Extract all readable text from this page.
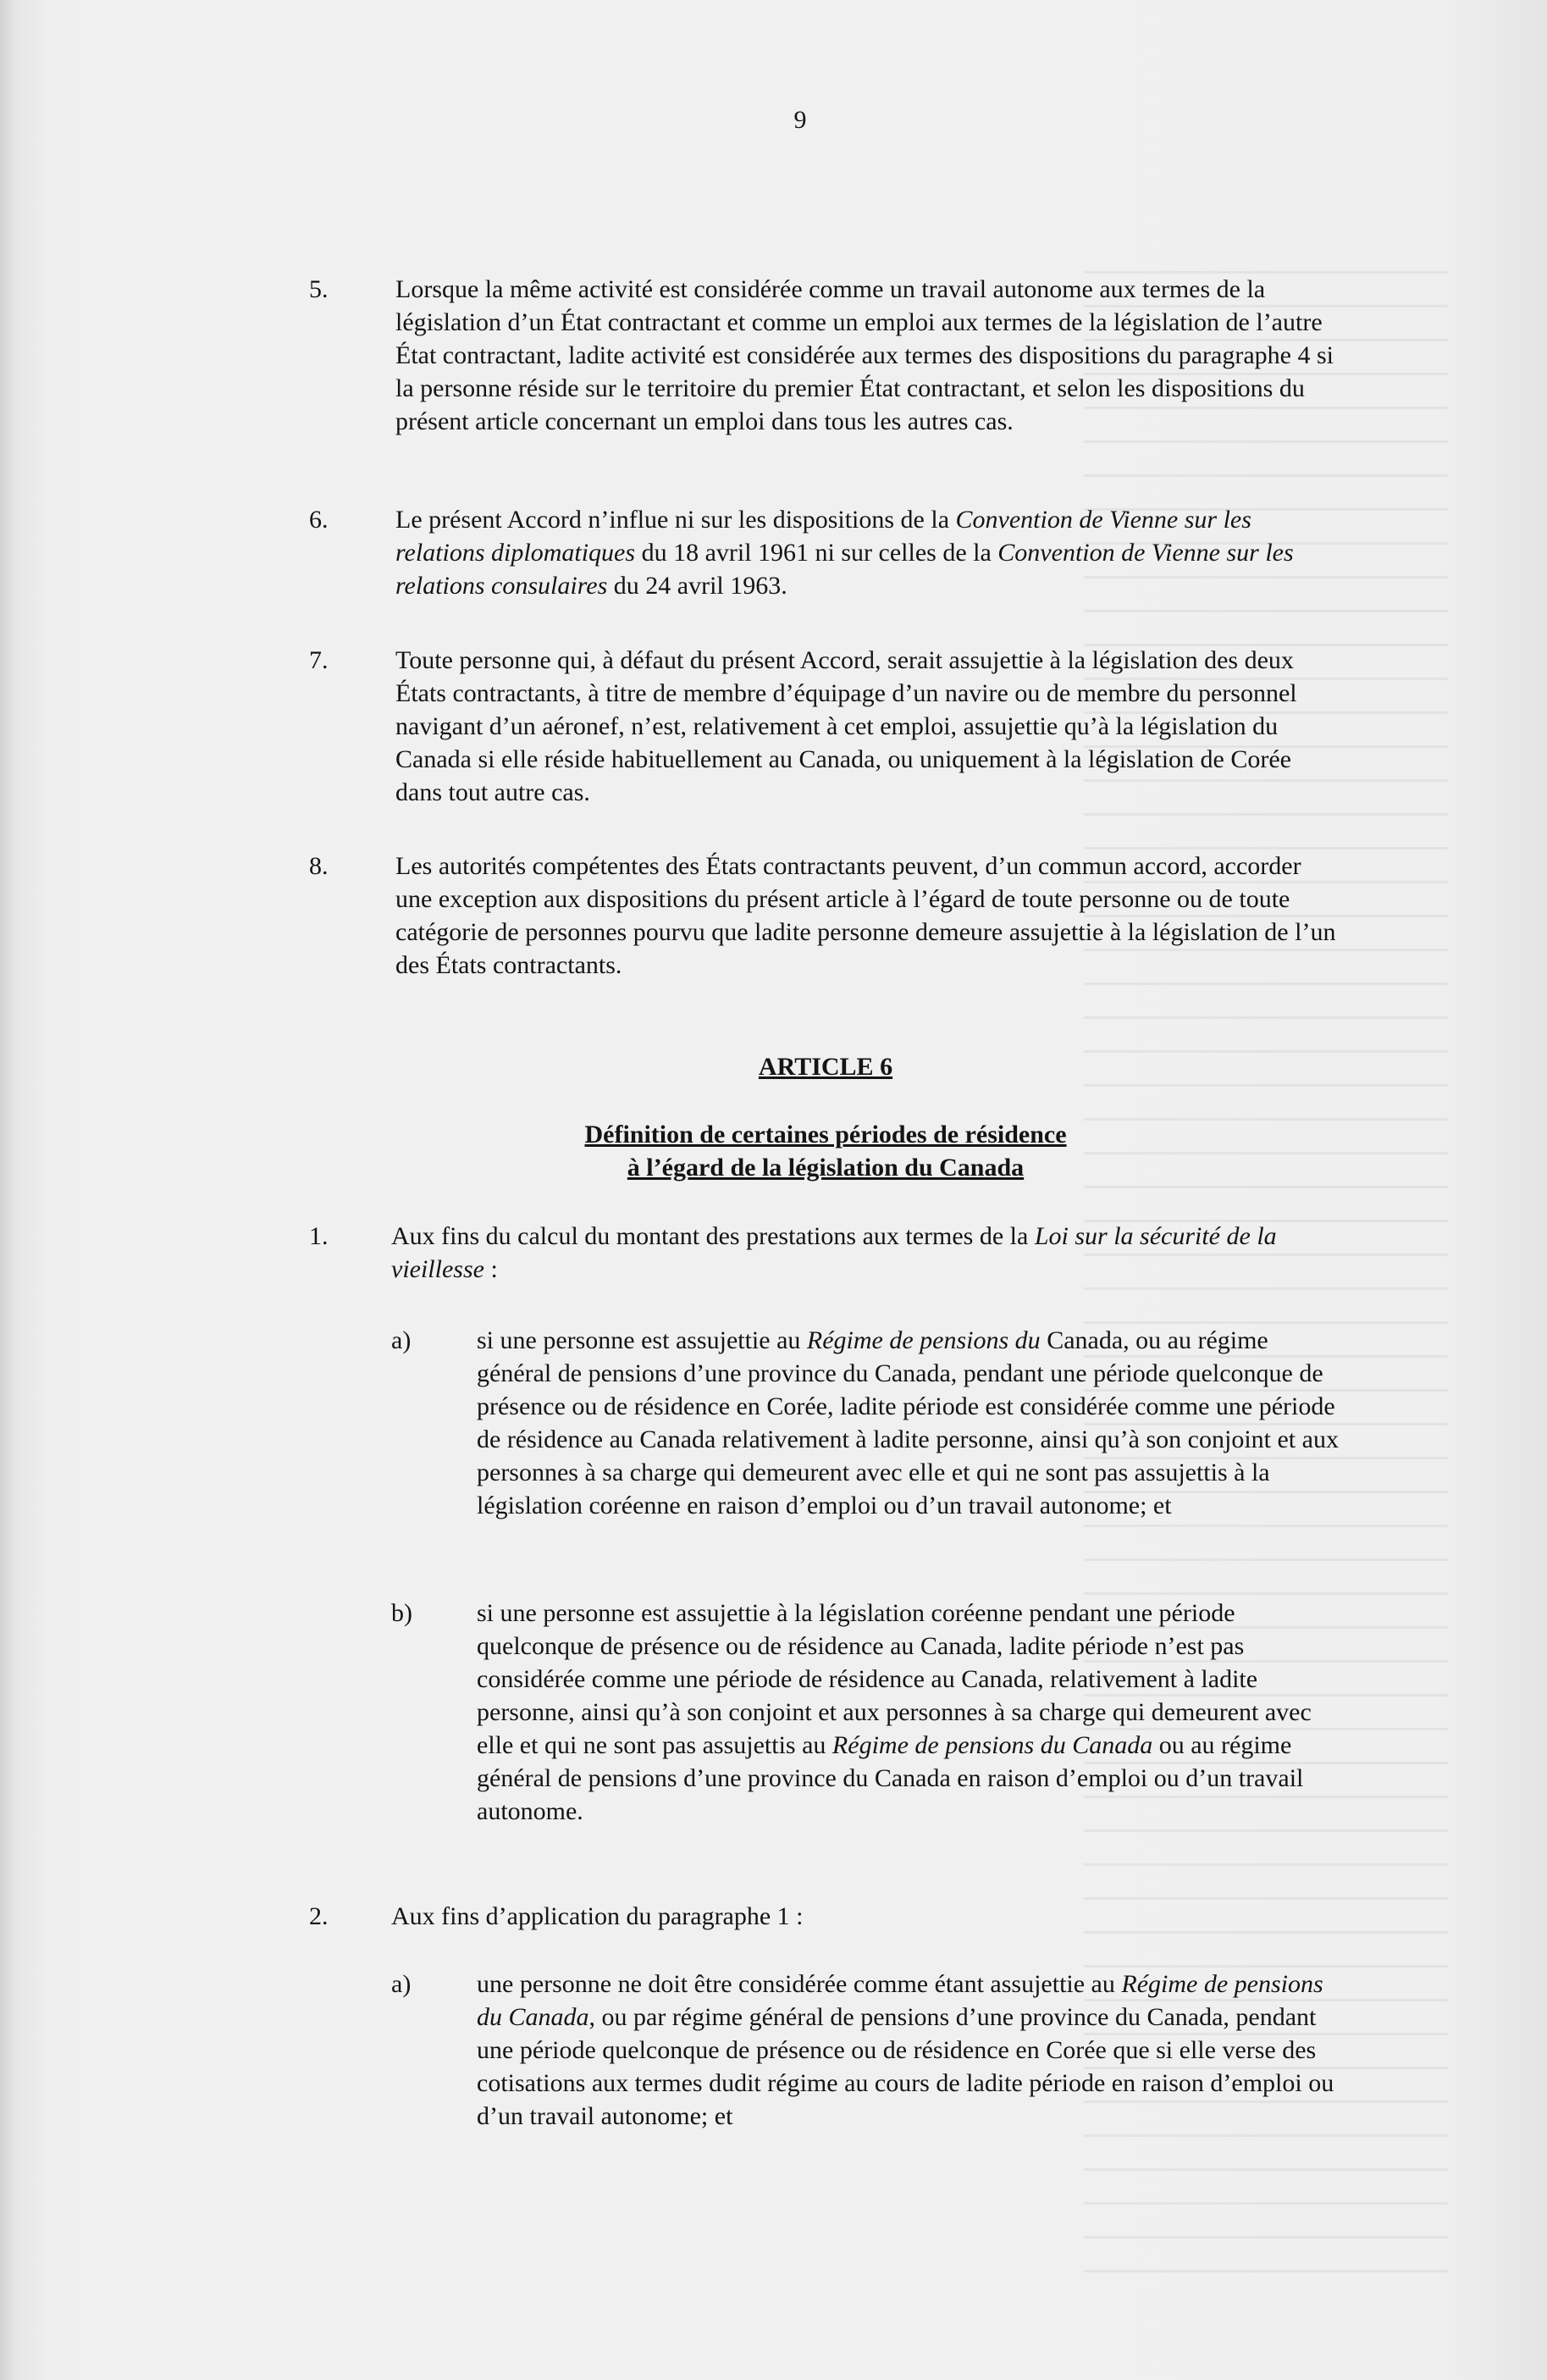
9
5.	Lorsque la même activité est considérée comme un travail autonome aux termes de la législation d’un État contractant et comme un emploi aux termes de la législation de l’autre État contractant, ladite activité est considérée aux termes des dispositions du paragraphe 4 si la personne réside sur le territoire du premier État contractant, et selon les dispositions du présent article concernant un emploi dans tous les autres cas.
6.	Le présent Accord n’influe ni sur les dispositions de la Convention de Vienne sur les relations diplomatiques du 18 avril 1961 ni sur celles de la Convention de Vienne sur les relations consulaires du 24 avril 1963.
7.	Toute personne qui, à défaut du présent Accord, serait assujettie à la législation des deux États contractants, à titre de membre d’équipage d’un navire ou de membre du personnel navigant d’un aéronef, n’est, relativement à cet emploi, assujettie qu’à la législation du Canada si elle réside habituellement au Canada, ou uniquement à la législation de Corée dans tout autre cas.
8.	Les autorités compétentes des États contractants peuvent, d’un commun accord, accorder une exception aux dispositions du présent article à l’égard de toute personne ou de toute catégorie de personnes pourvu que ladite personne demeure assujettie à la législation de l’un des États contractants.
ARTICLE 6
Définition de certaines périodes de résidence
à l’égard de la législation du Canada
1. Aux fins du calcul du montant des prestations aux termes de la Loi sur la sécurité de la vieillesse :
a)	si une personne est assujettie au Régime de pensions du Canada, ou au régime général de pensions d’une province du Canada, pendant une période quelconque de présence ou de résidence en Corée, ladite période est considérée comme une période de résidence au Canada relativement à ladite personne, ainsi qu’à son conjoint et aux personnes à sa charge qui demeurent avec elle et qui ne sont pas assujettis à la législation coréenne en raison d’emploi ou d’un travail autonome; et
b)	si une personne est assujettie à la législation coréenne pendant une période quelconque de présence ou de résidence au Canada, ladite période n’est pas considérée comme une période de résidence au Canada, relativement à ladite personne, ainsi qu’à son conjoint et aux personnes à sa charge qui demeurent avec elle et qui ne sont pas assujettis au Régime de pensions du Canada ou au régime général de pensions d’une province du Canada en raison d’emploi ou d’un travail autonome.
2. Aux fins d’application du paragraphe 1 :
a)	une personne ne doit être considérée comme étant assujettie au Régime de pensions du Canada, ou par régime général de pensions d’une province du Canada, pendant une période quelconque de présence ou de résidence en Corée que si elle verse des cotisations aux termes dudit régime au cours de ladite période en raison d’emploi ou d’un travail autonome; et
